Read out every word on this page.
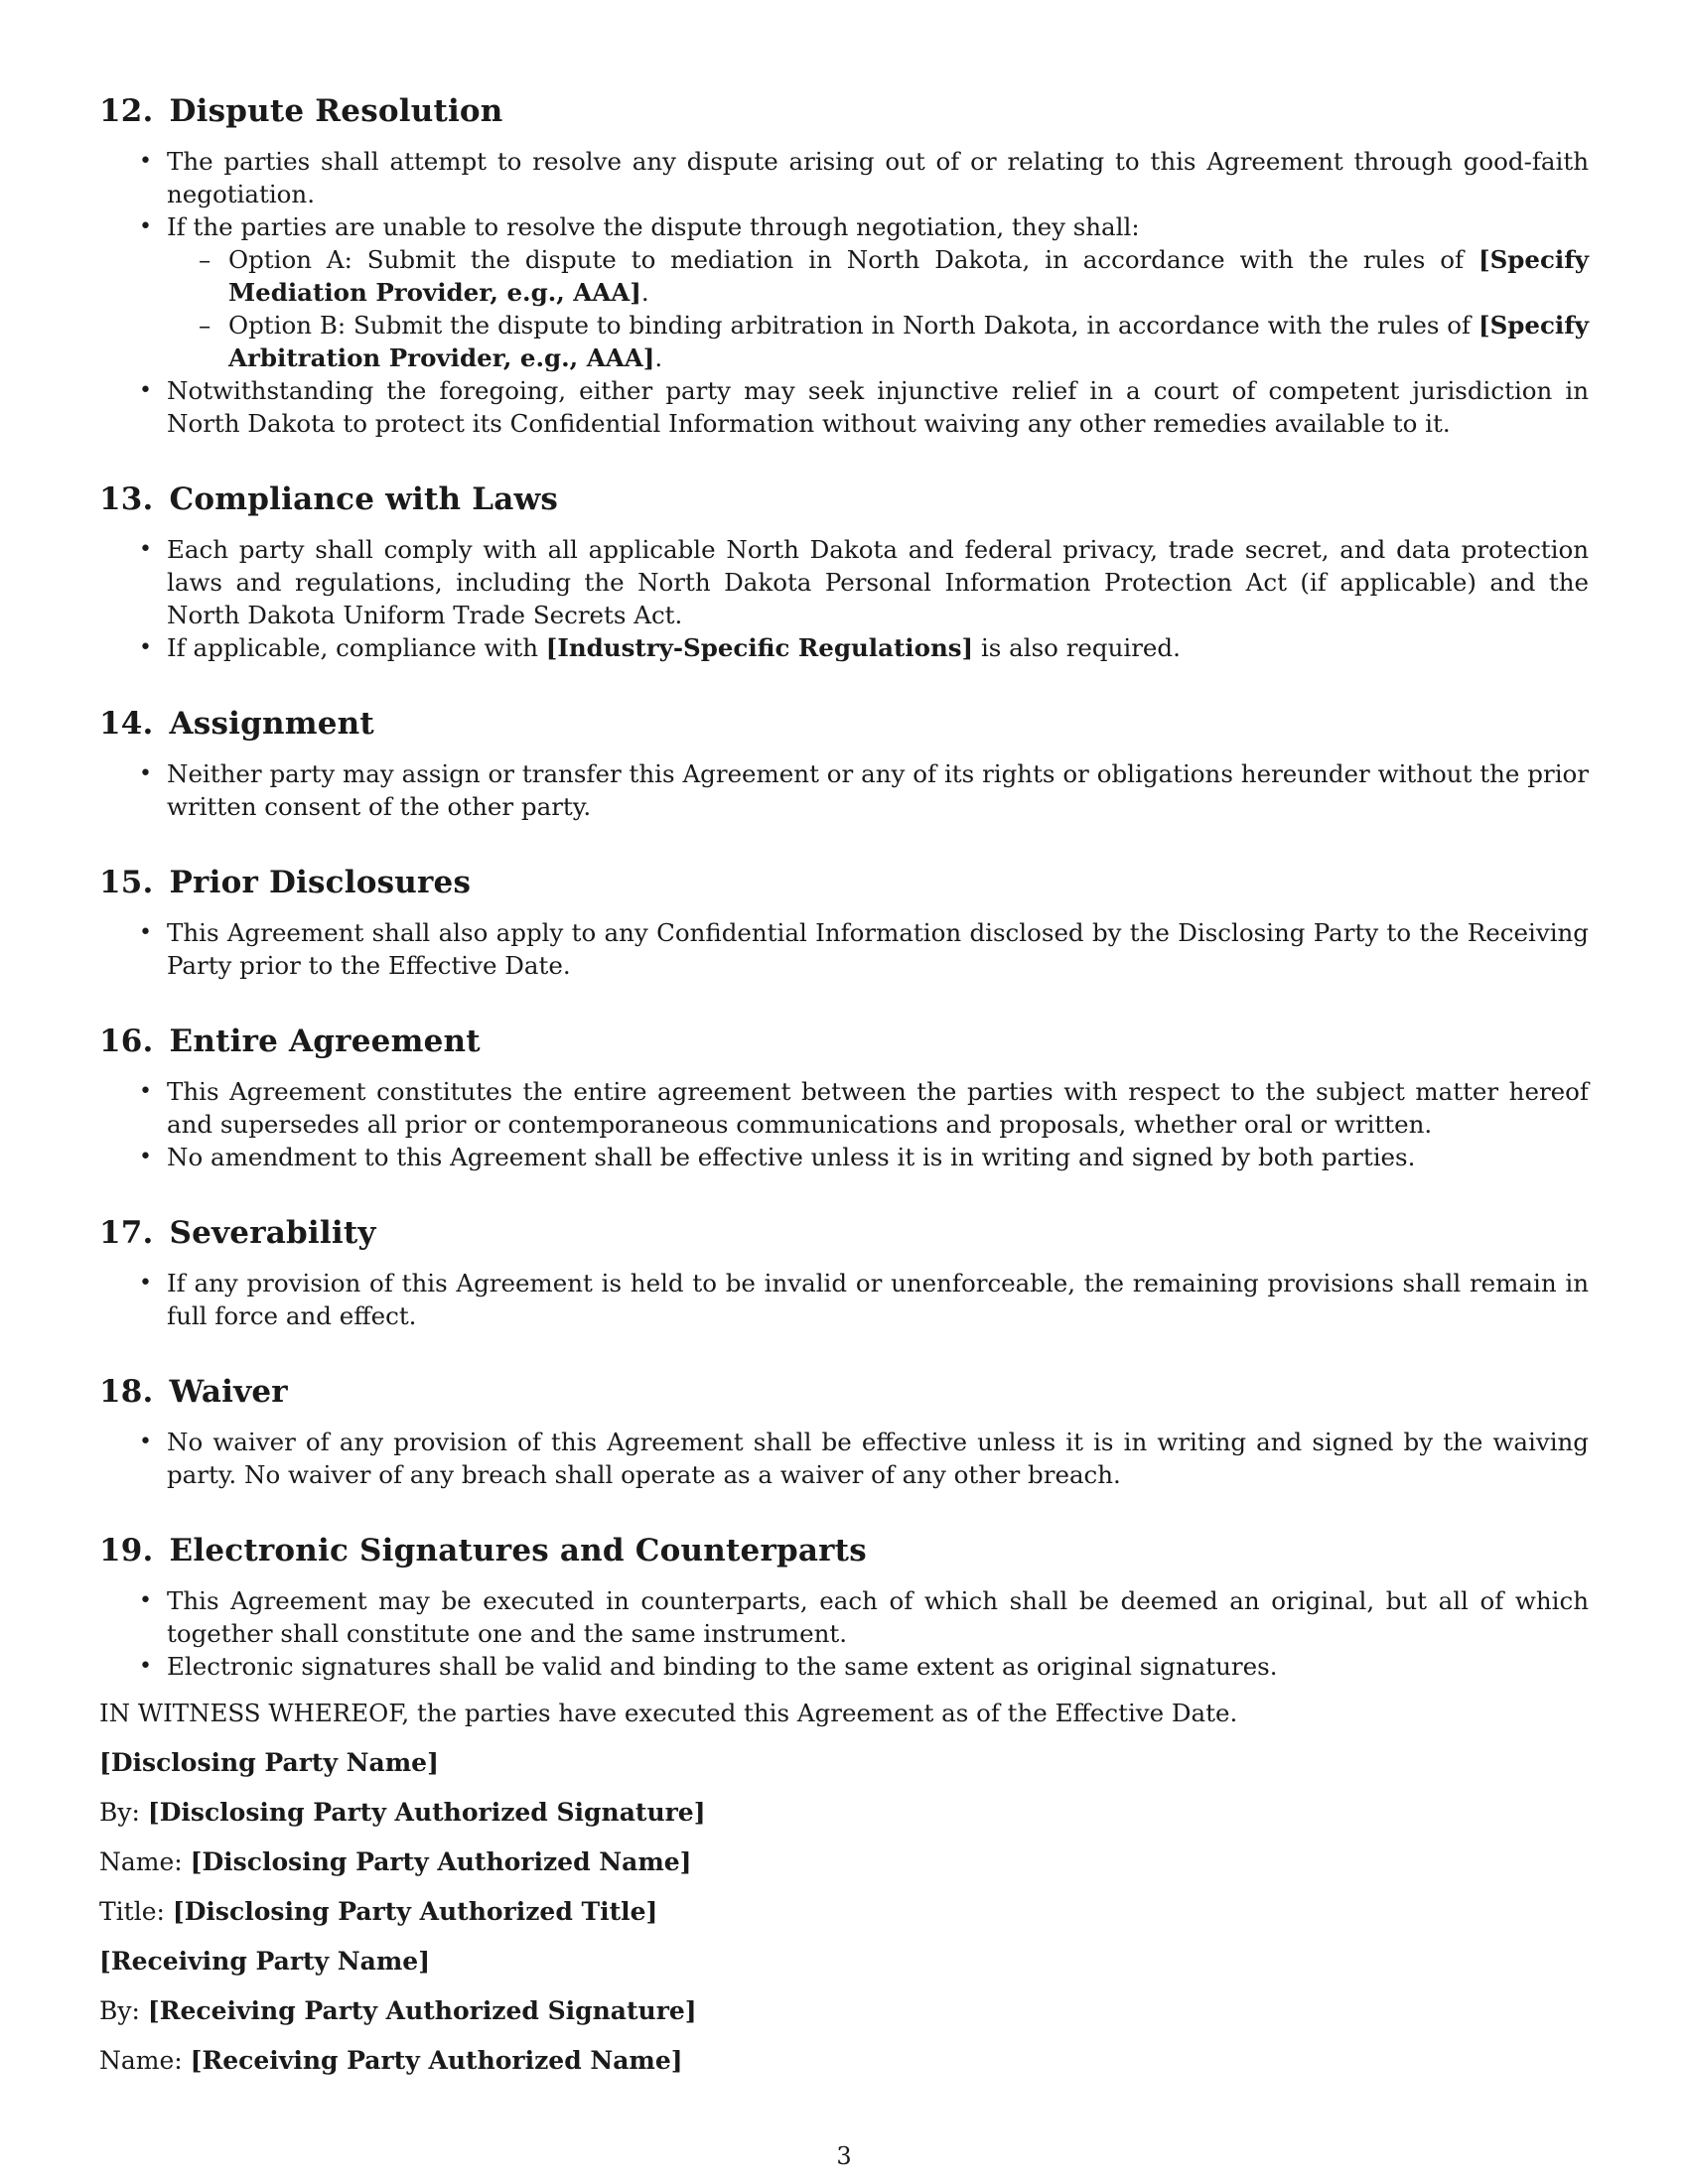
12. Dispute Resolution
• The parties shall attempt to resolve any dispute arising out of or relating to this Agreement through good-faith negotiation.
• If the parties are unable to resolve the dispute through negotiation, they shall:
– Option A: Submit the dispute to mediation in North Dakota, in accordance with the rules of [Specify Mediation Provider, e.g., AAA].
– Option B: Submit the dispute to binding arbitration in North Dakota, in accordance with the rules of [Specify Arbitration Provider, e.g., AAA].
• Notwithstanding the foregoing, either party may seek injunctive relief in a court of competent jurisdiction in North Dakota to protect its Confidential Information without waiving any other remedies available to it.
13. Compliance with Laws
• Each party shall comply with all applicable North Dakota and federal privacy, trade secret, and data protection laws and regulations, including the North Dakota Personal Information Protection Act (if applicable) and the North Dakota Uniform Trade Secrets Act.
• If applicable, compliance with [Industry-Specific Regulations] is also required.
14. Assignment
• Neither party may assign or transfer this Agreement or any of its rights or obligations hereunder without the prior written consent of the other party.
15. Prior Disclosures
• This Agreement shall also apply to any Confidential Information disclosed by the Disclosing Party to the Receiving Party prior to the Effective Date.
16. Entire Agreement
• This Agreement constitutes the entire agreement between the parties with respect to the subject matter hereof and supersedes all prior or contemporaneous communications and proposals, whether oral or written.
• No amendment to this Agreement shall be effective unless it is in writing and signed by both parties.
17. Severability
• If any provision of this Agreement is held to be invalid or unenforceable, the remaining provisions shall remain in full force and effect.
18. Waiver
• No waiver of any provision of this Agreement shall be effective unless it is in writing and signed by the waiving party. No waiver of any breach shall operate as a waiver of any other breach.
19. Electronic Signatures and Counterparts
• This Agreement may be executed in counterparts, each of which shall be deemed an original, but all of which together shall constitute one and the same instrument.
• Electronic signatures shall be valid and binding to the same extent as original signatures.

IN WITNESS WHEREOF, the parties have executed this Agreement as of the Effective Date.

[Disclosing Party Name]

By: [Disclosing Party Authorized Signature]

Name: [Disclosing Party Authorized Name]

Title: [Disclosing Party Authorized Title]

[Receiving Party Name]

By: [Receiving Party Authorized Signature]

Name: [Receiving Party Authorized Name]

3
